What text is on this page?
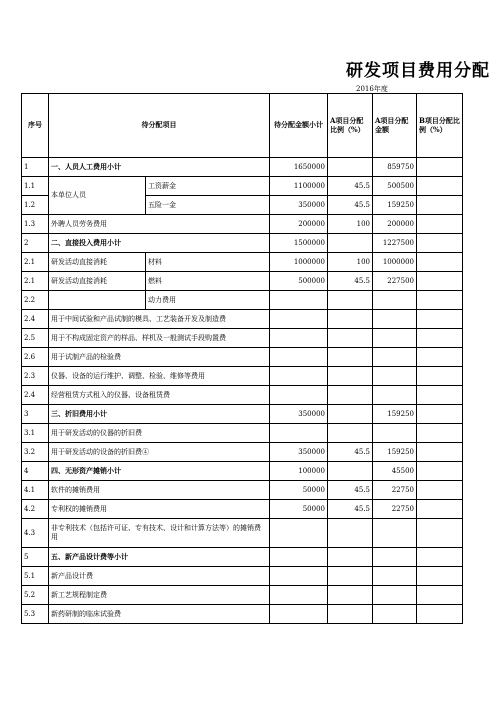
研发项目费用分配
2016年度
序号	待分配项目		待分配金额小计	A项目分配比例（%）	A项目分配金额	B项目分配比例（%）
1	一、人员人工费用小计		1650000		859750	
1.1	本单位人员	工资薪金	1100000	45.5	500500	
1.2		五险一金	350000	45.5	159250	
1.3	外聘人员劳务费用		200000	100	200000	
2	二、直接投入费用小计		1500000		1227500	
2.1	研发活动直接消耗	材料	1000000	100	1000000	
2.1	研发活动直接消耗	燃料	500000	45.5	227500	
2.2		动力费用				
2.4	用于中间试验和产品试制的模具、工艺装备开发及制造费					
2.5	用于不构成固定资产的样品、样机及一般测试手段购置费					
2.6	用于试制产品的检验费					
2.3	仪器、设备的运行维护、调整、检验、维修等费用					
2.4	经营租赁方式租入的仪器、设备租赁费					
3	三、折旧费用小计		350000		159250	
3.1	用于研发活动的仪器的折旧费					
3.2	用于研发活动的设备的折旧费④		350000	45.5	159250	
4	四、无形资产摊销小计		100000		45500	
4.1	软件的摊销费用		50000	45.5	22750	
4.2	专利权的摊销费用		50000	45.5	22750	
4.3	非专利技术（包括许可证、专有技术、设计和计算方法等）的摊销费用					
5	五、新产品设计费等小计					
5.1	新产品设计费					
5.2	新工艺规程制定费					
5.3	新药研制的临床试验费					
